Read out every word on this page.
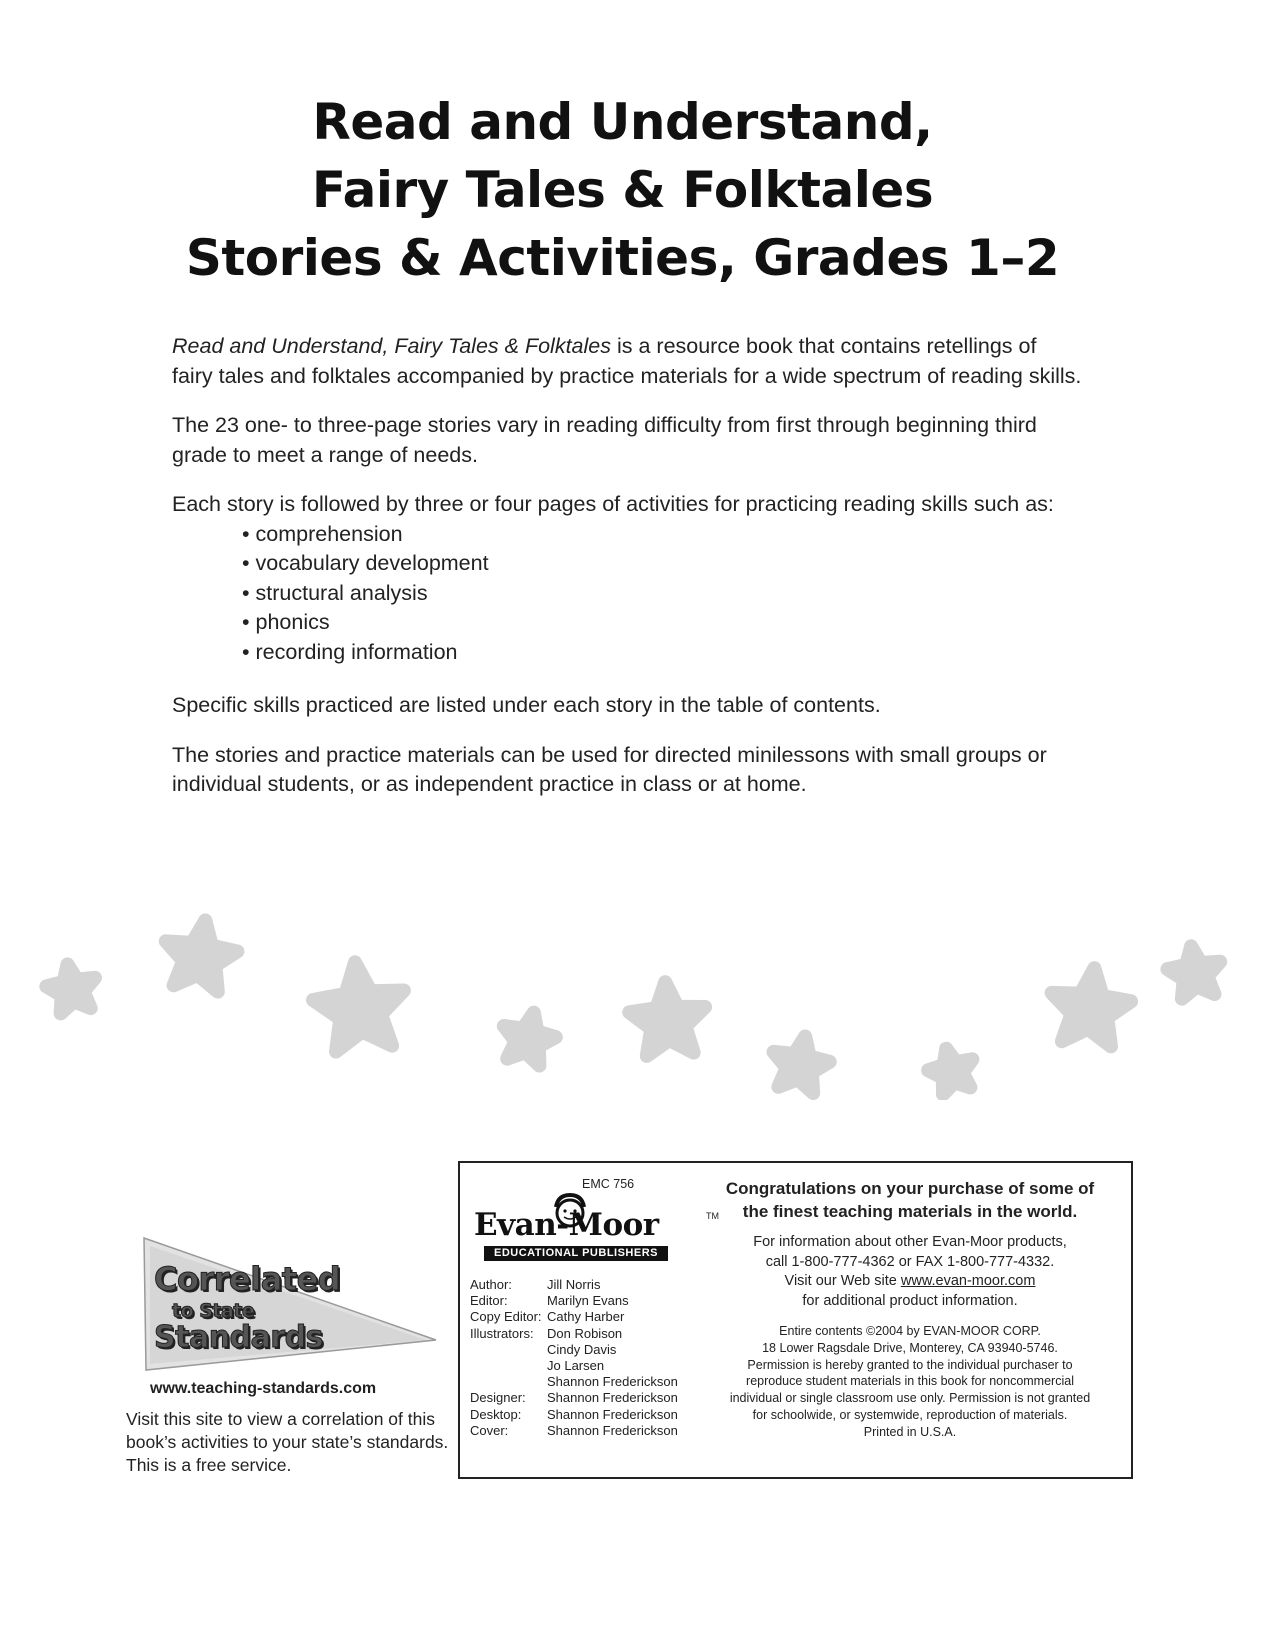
Read and Understand,
Fairy Tales & Folktales
Stories & Activities, Grades 1–2

Read and Understand, Fairy Tales & Folktales is a resource book that contains retellings of fairy tales and folktales accompanied by practice materials for a wide spectrum of reading skills.

The 23 one- to three-page stories vary in reading difficulty from first through beginning third grade to meet a range of needs.

Each story is followed by three or four pages of activities for practicing reading skills such as:

• comprehension
• vocabulary development
• structural analysis
• phonics
• recording information

Specific skills practiced are listed under each story in the table of contents.

The stories and practice materials can be used for directed minilessons with small groups or individual students, or as independent practice in class or at home.

Correlated
to State
Standards
www.teaching-standards.com
Visit this site to view a correlation of this book’s activities to your state’s standards. This is a free service.
EMC 756
Evan-Moor	TM
EDUCATIONAL PUBLISHERS
Author:	Jill Norris
Editor:	Marilyn Evans
Copy Editor: Cathy Harber
Illustrators:	Don Robison
Cindy Davis
Jo Larsen
Shannon Frederickson
Designer:	Shannon Frederickson
Desktop:	Shannon Frederickson
Cover:	Shannon Frederickson
Congratulations on your purchase of some of
the finest teaching materials in the world.
For information about other Evan-Moor products,
call 1-800-777-4362 or FAX 1-800-777-4332.
Visit our Web site www.evan-moor.com
for additional product information.
Entire contents ©2004 by EVAN-MOOR CORP.
18 Lower Ragsdale Drive, Monterey, CA 93940-5746.
Permission is hereby granted to the individual purchaser to
reproduce student materials in this book for noncommercial
individual or single classroom use only. Permission is not granted
for schoolwide, or systemwide, reproduction of materials.
Printed in U.S.A.
